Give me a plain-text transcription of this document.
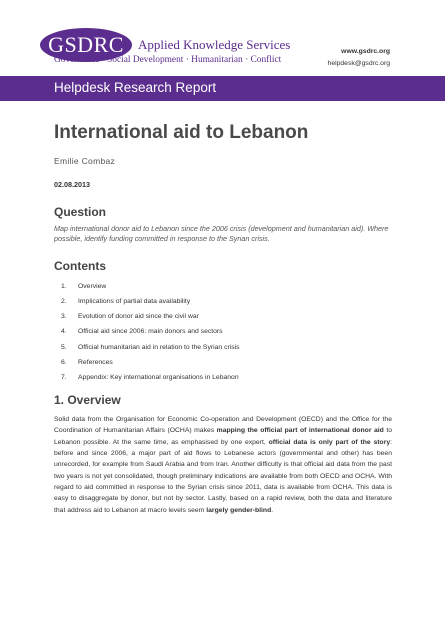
GSDRC Applied Knowledge Services
Governance · Social Development · Humanitarian · Conflict
www.gsdrc.org
helpdesk@gsdrc.org
Helpdesk Research Report
International aid to Lebanon
Emilie Combaz
02.08.2013
Question

Map international donor aid to Lebanon since the 2006 crisis (development and humanitarian aid). Where possible, identify funding committed in response to the Syrian crisis.

Contents
1.	Overview
2.	Implications of partial data availability
3.	Evolution of donor aid since the civil war
4.	Official aid since 2006: main donors and sectors
5.	Official humanitarian aid in relation to the Syrian crisis
6.	References
7.	Appendix: Key international organisations in Lebanon
1. Overview

Solid data from the Organisation for Economic Co-operation and Development (OECD) and the Office for the Coordination of Humanitarian Affairs (OCHA) makes mapping the official part of international donor aid to Lebanon possible. At the same time, as emphasised by one expert, official data is only part of the story: before and since 2006, a major part of aid flows to Lebanese actors (governmental and other) has been unrecorded, for example from Saudi Arabia and from Iran. Another difficulty is that official aid data from the past two years is not yet consolidated, though preliminary indications are available from both OECD and OCHA. With regard to aid committed in response to the Syrian crisis since 2011, data is available from OCHA. This data is easy to disaggregate by donor, but not by sector. Lastly, based on a rapid review, both the data and literature that address aid to Lebanon at macro levels seem largely gender-blind.
